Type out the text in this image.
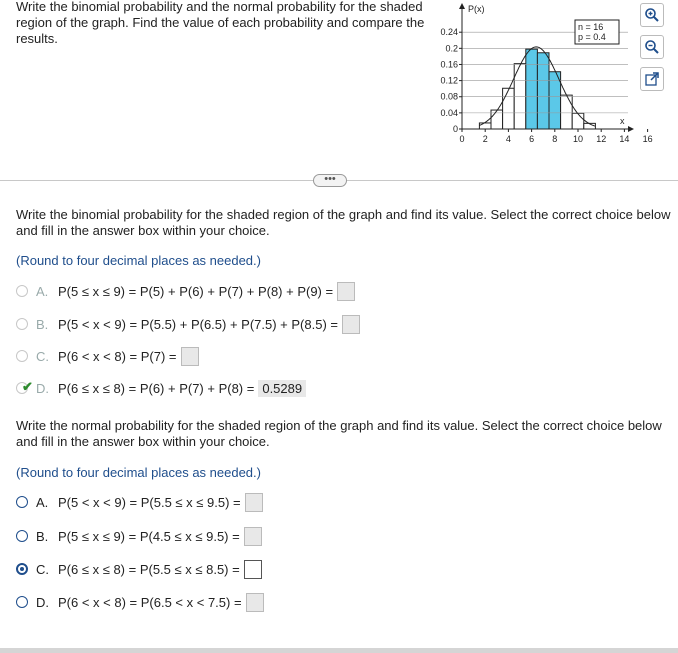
Write the binomial probability and the normal probability for the shaded region of the graph. Find the value of each probability and compare the results.
P(x)
x
0.24
0.2
0.16
0.12
0.08
0.04
0
0 2 4 6 8 10 12 14 16
n = 16
p = 0.4
•••
Write the binomial probability for the shaded region of the graph and find its value. Select the correct choice below and fill in the answer box within your choice.
(Round to four decimal places as needed.)
A. P(5 ≤ x ≤ 9) = P(5) + P(6) + P(7) + P(8) + P(9) =
B. P(5 < x < 9) = P(5.5) + P(6.5) + P(7.5) + P(8.5) =
C. P(6 < x < 8) = P(7) =
✔ D. P(6 ≤ x ≤ 8) = P(6) + P(7) + P(8) = 0.5289
Write the normal probability for the shaded region of the graph and find its value. Select the correct choice below and fill in the answer box within your choice.
(Round to four decimal places as needed.)
A. P(5 < x < 9) = P(5.5 ≤ x ≤ 9.5) =
B. P(5 ≤ x ≤ 9) = P(4.5 ≤ x ≤ 9.5) =
C. P(6 ≤ x ≤ 8) = P(5.5 ≤ x ≤ 8.5) =
D. P(6 < x < 8) = P(6.5 < x < 7.5) =
